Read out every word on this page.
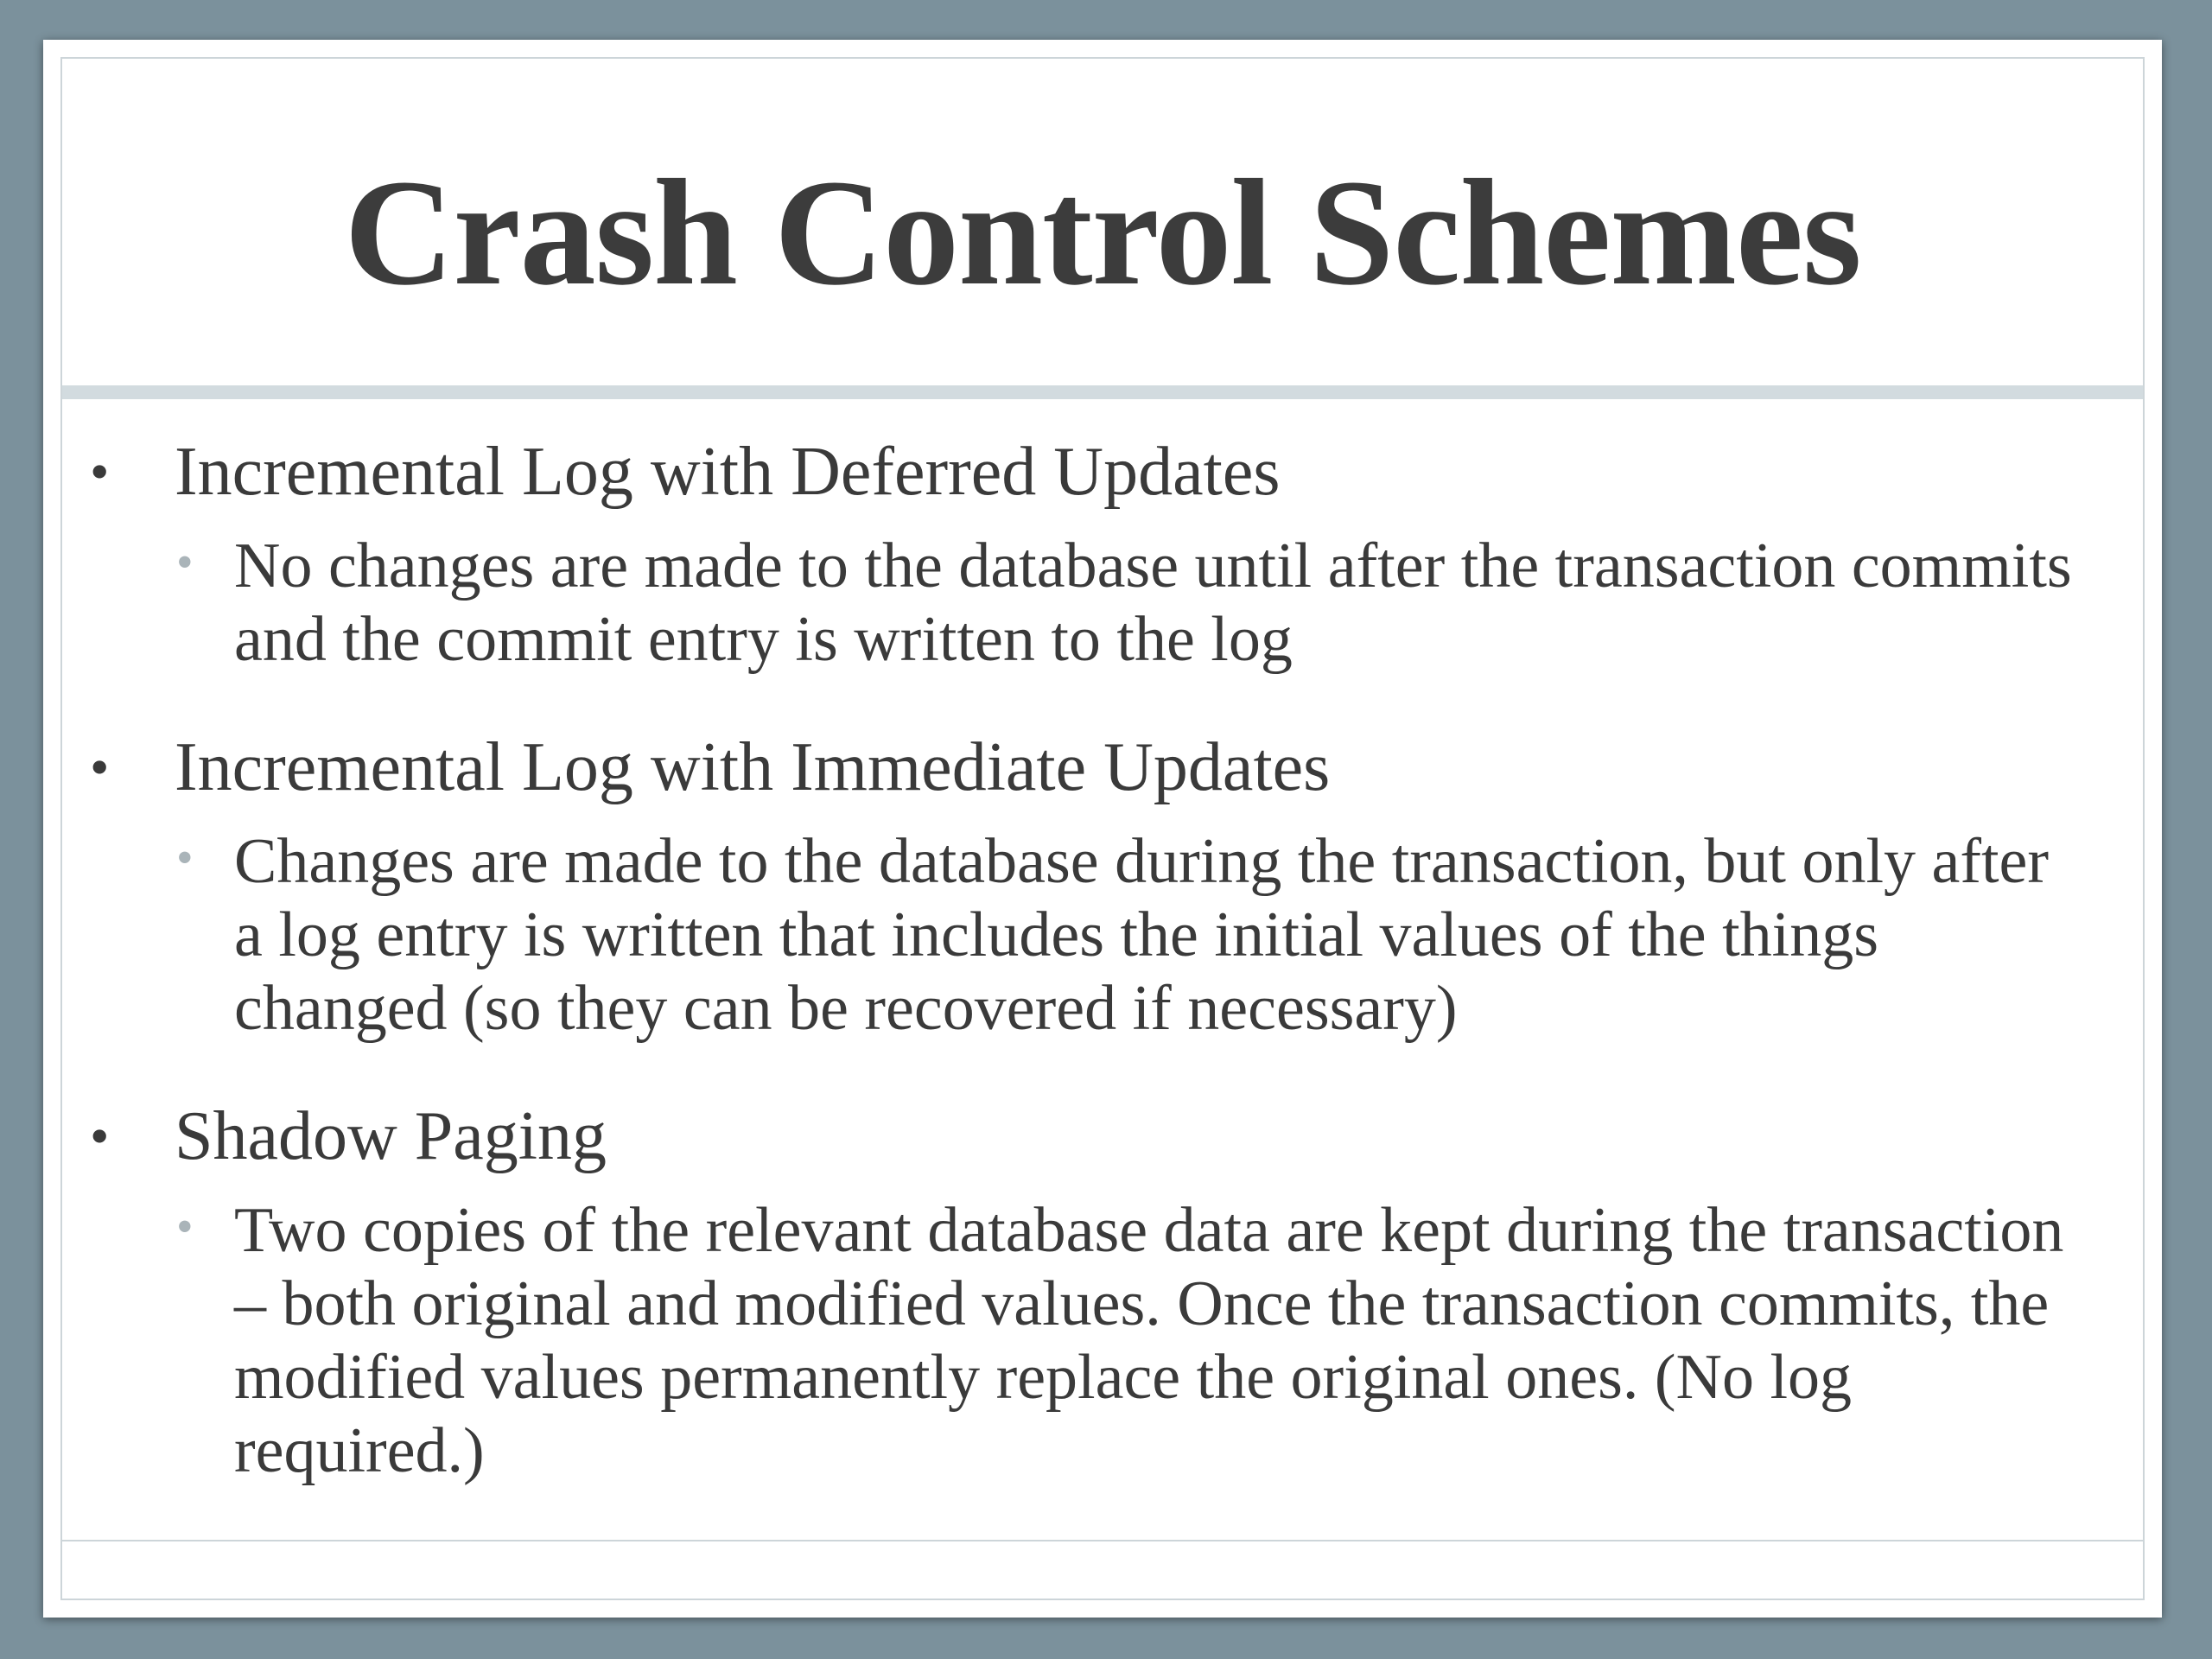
Crash Control Schemes
• Incremental Log with Deferred Updates
• No changes are made to the database until after the transaction commits and the commit entry is written to the log
• Incremental Log with Immediate Updates
• Changes are made to the database during the transaction, but only after a log entry is written that includes the initial values of the things changed (so they can be recovered if necessary)
• Shadow Paging
• Two copies of the relevant database data are kept during the transaction – both original and modified values. Once the transaction commits, the modified values permanently replace the original ones. (No log required.)
